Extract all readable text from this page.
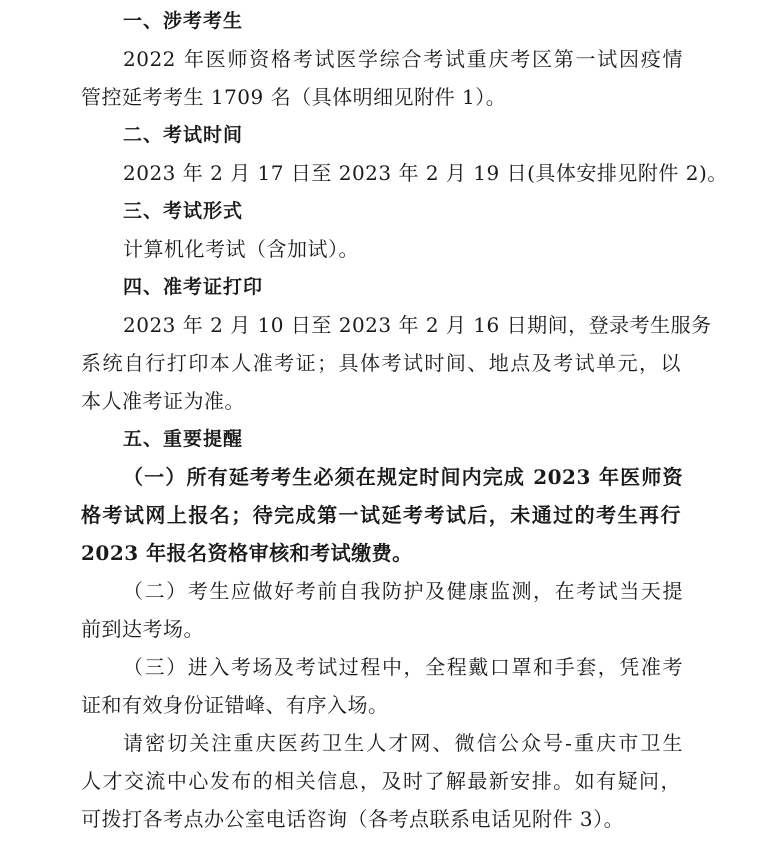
一、涉考考生
2022 年医师资格考试医学综合考试重庆考区第一试因疫情
管控延考考生 1709 名（具体明细见附件 1）。
二、考试时间
2023 年 2 月 17 日至 2023 年 2 月 19 日(具体安排见附件 2)。
三、考试形式
计算机化考试（含加试）。
四、准考证打印
2023 年 2 月 10 日至 2023 年 2 月 16 日期间，登录考生服务
系统自行打印本人准考证；具体考试时间、地点及考试单元，以
本人准考证为准。
五、重要提醒
（一）所有延考考生必须在规定时间内完成 2023 年医师资
格考试网上报名；待完成第一试延考考试后，未通过的考生再行
2023 年报名资格审核和考试缴费。
（二）考生应做好考前自我防护及健康监测，在考试当天提
前到达考场。
（三）进入考场及考试过程中，全程戴口罩和手套，凭准考
证和有效身份证错峰、有序入场。
请密切关注重庆医药卫生人才网、微信公众号-重庆市卫生
人才交流中心发布的相关信息，及时了解最新安排。如有疑问，
可拨打各考点办公室电话咨询（各考点联系电话见附件 3）。
